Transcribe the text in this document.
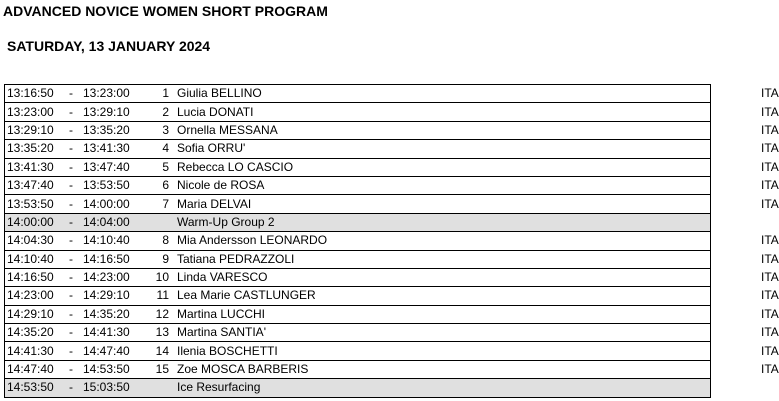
ADVANCED NOVICE WOMEN SHORT PROGRAM
SATURDAY, 13 JANUARY 2024
13:16:50 - 13:23:00	1 Giulia BELLINO	ITA
13:23:00 - 13:29:10	2 Lucia DONATI	ITA
13:29:10 - 13:35:20	3 Ornella MESSANA	ITA
13:35:20 - 13:41:30	4 Sofia ORRU'	ITA
13:41:30 - 13:47:40	5 Rebecca LO CASCIO	ITA
13:47:40 - 13:53:50	6 Nicole de ROSA	ITA
13:53:50 - 14:00:00	7 Maria DELVAI	ITA
14:00:00 - 14:04:00	Warm-Up Group 2
14:04:30 - 14:10:40	8 Mia Andersson LEONARDO	ITA
14:10:40 - 14:16:50	9 Tatiana PEDRAZZOLI	ITA
14:16:50 - 14:23:00 10 Linda VARESCO	ITA
14:23:00 - 14:29:10 11 Lea Marie CASTLUNGER	ITA
14:29:10 - 14:35:20 12 Martina LUCCHI	ITA
14:35:20 - 14:41:30 13 Martina SANTIA'	ITA
14:41:30 - 14:47:40 14 Ilenia BOSCHETTI	ITA
14:47:40 - 14:53:50 15 Zoe MOSCA BARBERIS	ITA
14:53:50 - 15:03:50	Ice Resurfacing
